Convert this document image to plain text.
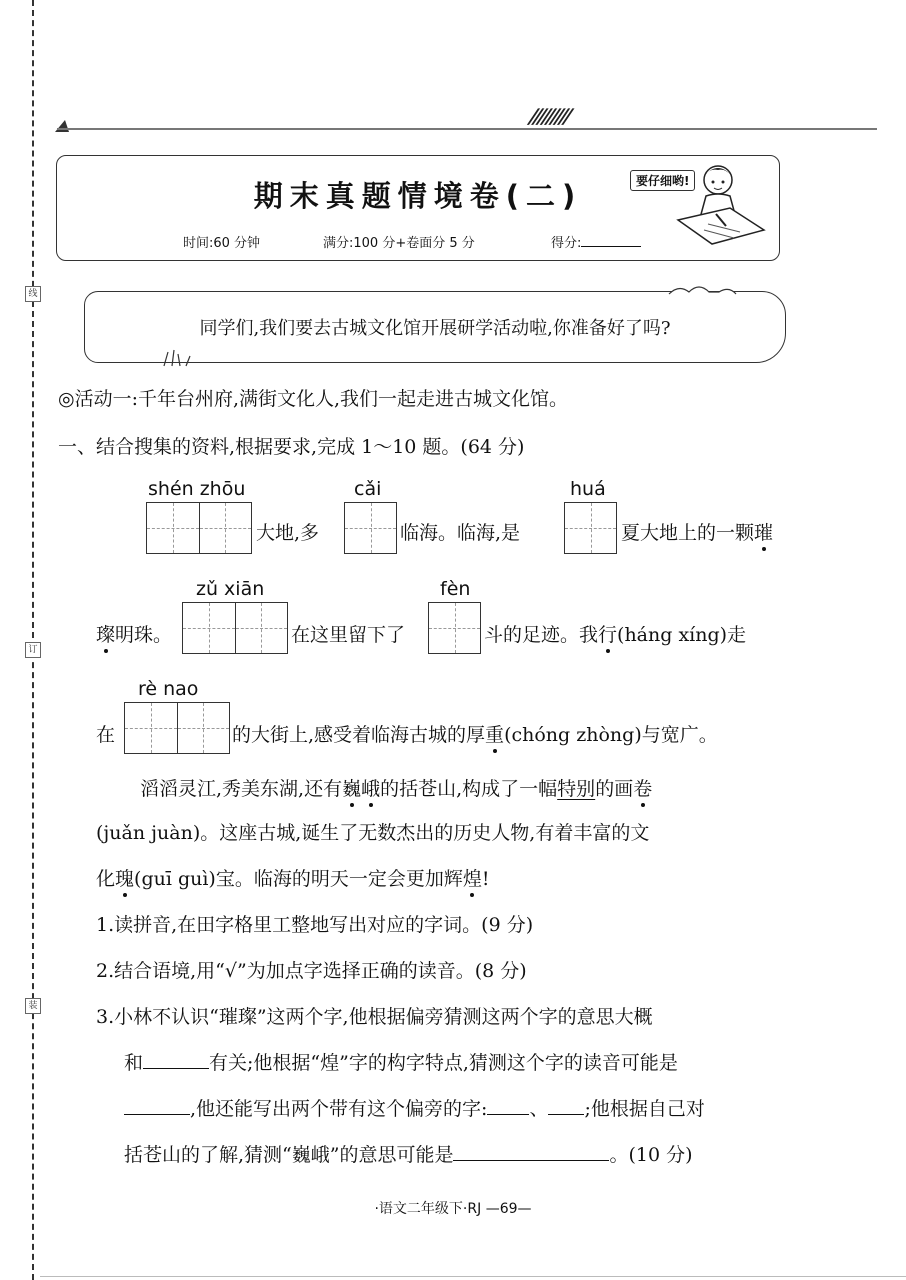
线
订
装
/////////
期末真题情境卷(二)
时间:60 分钟	满分:100 分+卷面分 5 分	得分:
要仔细哟!
同学们,我们要去古城文化馆开展研学活动啦,你准备好了吗?
◎活动一:千年台州府,满街文化人,我们一起走进古城文化馆。
一、结合搜集的资料,根据要求,完成 1～10 题。(64 分)
shén zhōu	cǎi	huá
大地,多	临海。临海,是	夏大地上的一颗璀
zǔ xiān	fèn
璨明珠。	在这里留下了	斗的足迹。我行(háng xíng)走
rè nao
在	的大街上,感受着临海古城的厚重(chóng zhòng)与宽广。
滔滔灵江,秀美东湖,还有巍峨的括苍山,构成了一幅特别的画卷
(juǎn juàn)。这座古城,诞生了无数杰出的历史人物,有着丰富的文
化瑰(guī guì)宝。临海的明天一定会更加辉煌!
1.读拼音,在田字格里工整地写出对应的字词。(9 分)
2.结合语境,用“√”为加点字选择正确的读音。(8 分)
3.小林不认识“璀璨”这两个字,他根据偏旁猜测这两个字的意思大概
和	有关;他根据“煌”字的构字特点,猜测这个字的读音可能是
,他还能写出两个带有这个偏旁的字: 、 ;他根据自己对
括苍山的了解,猜测“巍峨”的意思可能是	。(10 分)
·语文二年级下·RJ —69—
